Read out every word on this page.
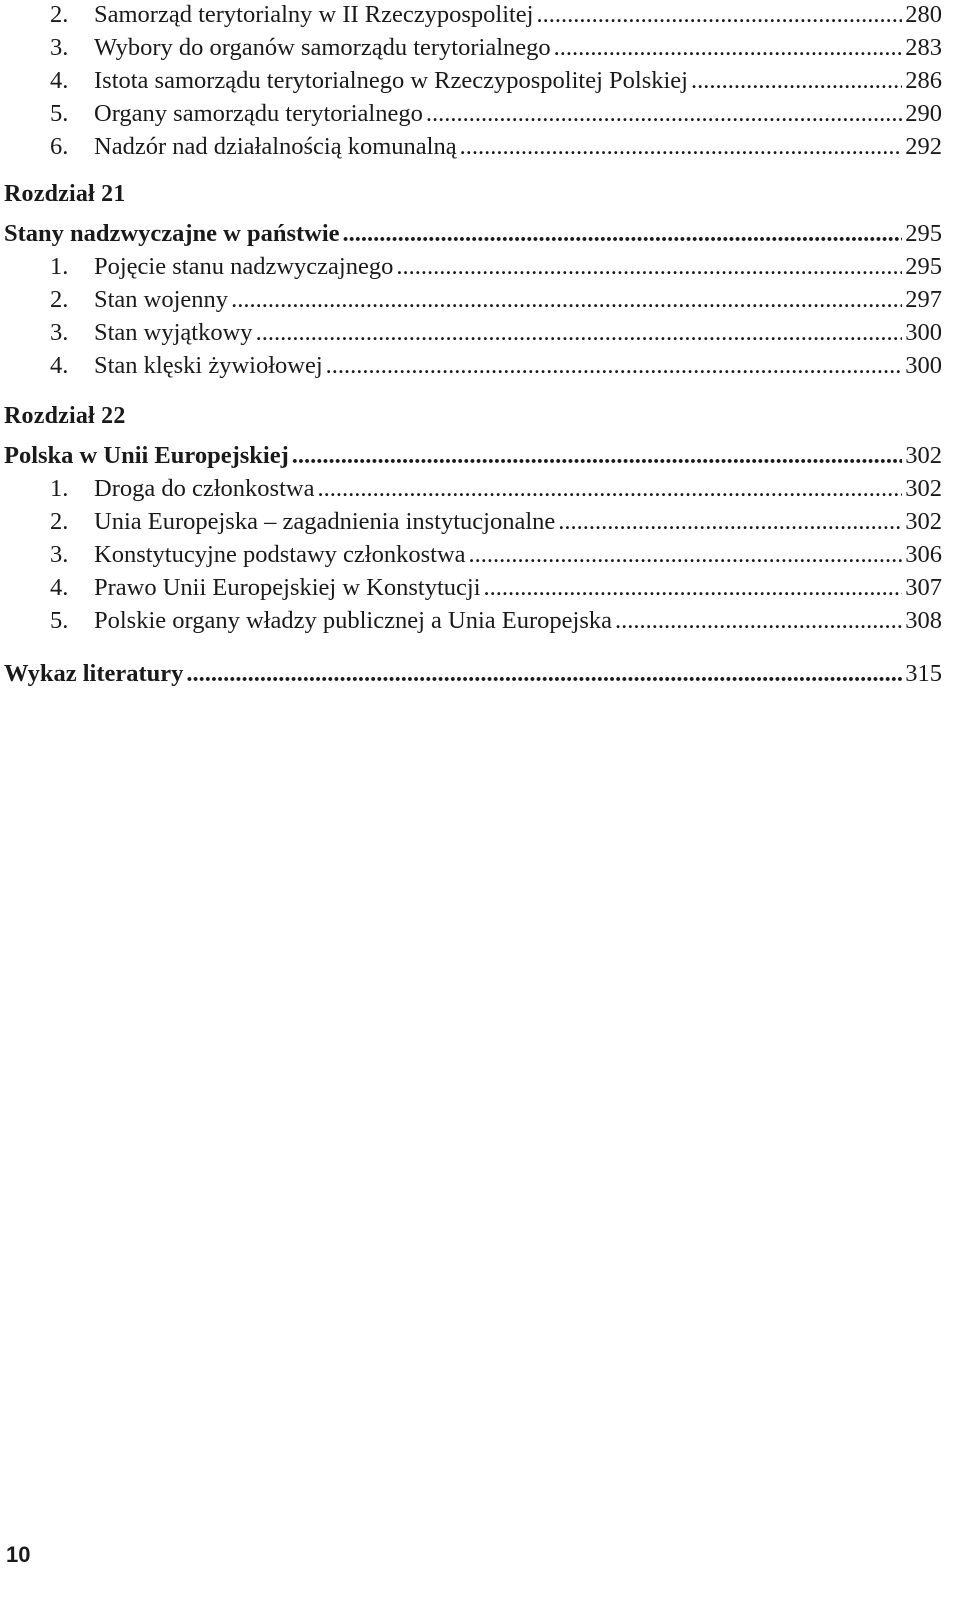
2.	Samorząd terytorialny w II Rzeczypospolitej .....	280
3.	Wybory do organów samorządu terytorialnego .....	283
4.	Istota samorządu terytorialnego w Rzeczypospolitej Polskiej .....	286
5.	Organy samorządu terytorialnego .....	290
6.	Nadzór nad działalnością komunalną .....	292
Rozdział 21
Stany nadzwyczajne w państwie .....	295
1.	Pojęcie stanu nadzwyczajnego .....	295
2.	Stan wojenny .....	297
3.	Stan wyjątkowy .....	300
4.	Stan klęski żywiołowej .....	300
Rozdział 22
Polska w Unii Europejskiej .....	302
1.	Droga do członkostwa .....	302
2.	Unia Europejska – zagadnienia instytucjonalne .....	302
3.	Konstytucyjne podstawy członkostwa .....	306
4.	Prawo Unii Europejskiej w Konstytucji .....	307
5.	Polskie organy władzy publicznej a Unia Europejska .....	308
Wykaz literatury .....	315
10
